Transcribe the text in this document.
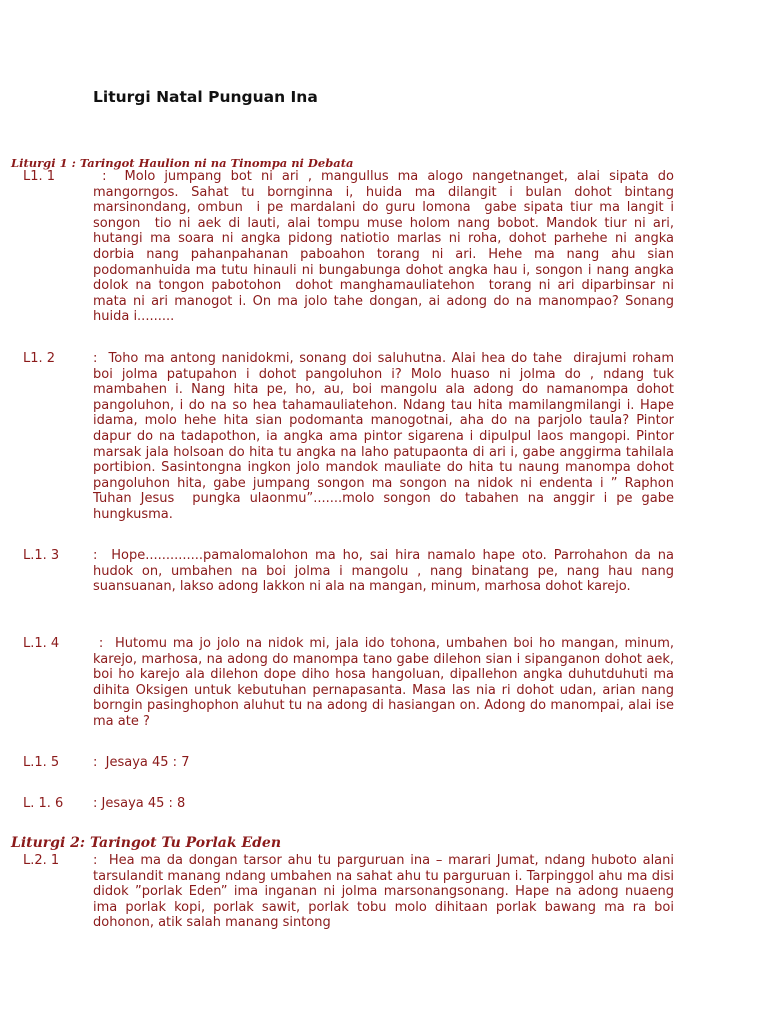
Liturgi Natal Punguan Ina
Liturgi 1 : Taringot Haulion ni na Tinompa ni Debata
L1. 1	:  Molo jumpang bot ni ari , mangullus ma alogo nangetnanget, alai sipata do mangorngos. Sahat tu bornginna i, huida ma dilangit i bulan dohot bintang marsinondang, ombun  i pe mardalani do guru lomona  gabe sipata tiur ma langit i songon  tio ni aek di lauti, alai tompu muse holom nang bobot. Mandok tiur ni ari, hutangi ma soara ni angka pidong natiotio marlas ni roha, dohot parhehe ni angka dorbia nang pahanpahanan paboahon torang ni ari. Hehe ma nang ahu sian podomanhuida ma tutu hinauli ni bungabunga dohot angka hau i, songon i nang angka dolok na tongon pabotohon  dohot manghamauliatehon  torang ni ari diparbinsar ni mata ni ari manogot i. On ma jolo tahe dongan, ai adong do na manompao? Sonang huida i.........
L1. 2	:  Toho ma antong nanidokmi, sonang doi saluhutna. Alai hea do tahe  dirajumi roham boi jolma patupahon i dohot pangoluhon i? Molo huaso ni jolma do , ndang tuk mambahen i. Nang hita pe, ho, au, boi mangolu ala adong do namanompa dohot pangoluhon, i do na so hea tahamauliatehon. Ndang tau hita mamilangmilangi i. Hape idama, molo hehe hita sian podomanta manogotnai, aha do na parjolo taula? Pintor dapur do na tadapothon, ia angka ama pintor sigarena i dipulpul laos mangopi. Pintor marsak jala holsoan do hita tu angka na laho patupaonta di ari i, gabe anggirma tahilala portibion. Sasintongna ingkon jolo mandok mauliate do hita tu naung manompa dohot pangoluhon hita, gabe jumpang songon ma songon na nidok ni endenta i ” Raphon Tuhan Jesus  pungka ulaonmu”.......molo songon do tabahen na anggir i pe gabe hungkusma.
L.1. 3	:  Hope..............pamalomalohon ma ho, sai hira namalo hape oto. Parrohahon da na hudok on, umbahen na boi jolma i mangolu , nang binatang pe, nang hau nang suansuanan, lakso adong lakkon ni ala na mangan, minum, marhosa dohot karejo.
L.1. 4	:  Hutomu ma jo jolo na nidok mi, jala ido tohona, umbahen boi ho mangan, minum, karejo, marhosa, na adong do manompa tano gabe dilehon sian i sipanganon dohot aek, boi ho karejo ala dilehon dope diho hosa hangoluan, dipallehon angka duhutduhuti ma dihita Oksigen untuk kebutuhan pernapasanta. Masa las nia ri dohot udan, arian nang borngin pasinghophon aluhut tu na adong di hasiangan on. Adong do manompai, alai ise ma ate ?
L.1. 5	:  Jesaya 45 : 7
L. 1. 6 : Jesaya 45 : 8
Liturgi 2: Taringot Tu Porlak Eden
L.2. 1	:  Hea ma da dongan tarsor ahu tu parguruan ina – marari Jumat, ndang huboto alani tarsulandit manang ndang umbahen na sahat ahu tu parguruan i. Tarpinggol ahu ma disi didok ”porlak Eden” ima inganan ni jolma marsonangsonang. Hape na adong nuaeng ima porlak kopi, porlak sawit, porlak tobu molo dihitaan porlak bawang ma ra boi dohonon, atik salah manang sintong
